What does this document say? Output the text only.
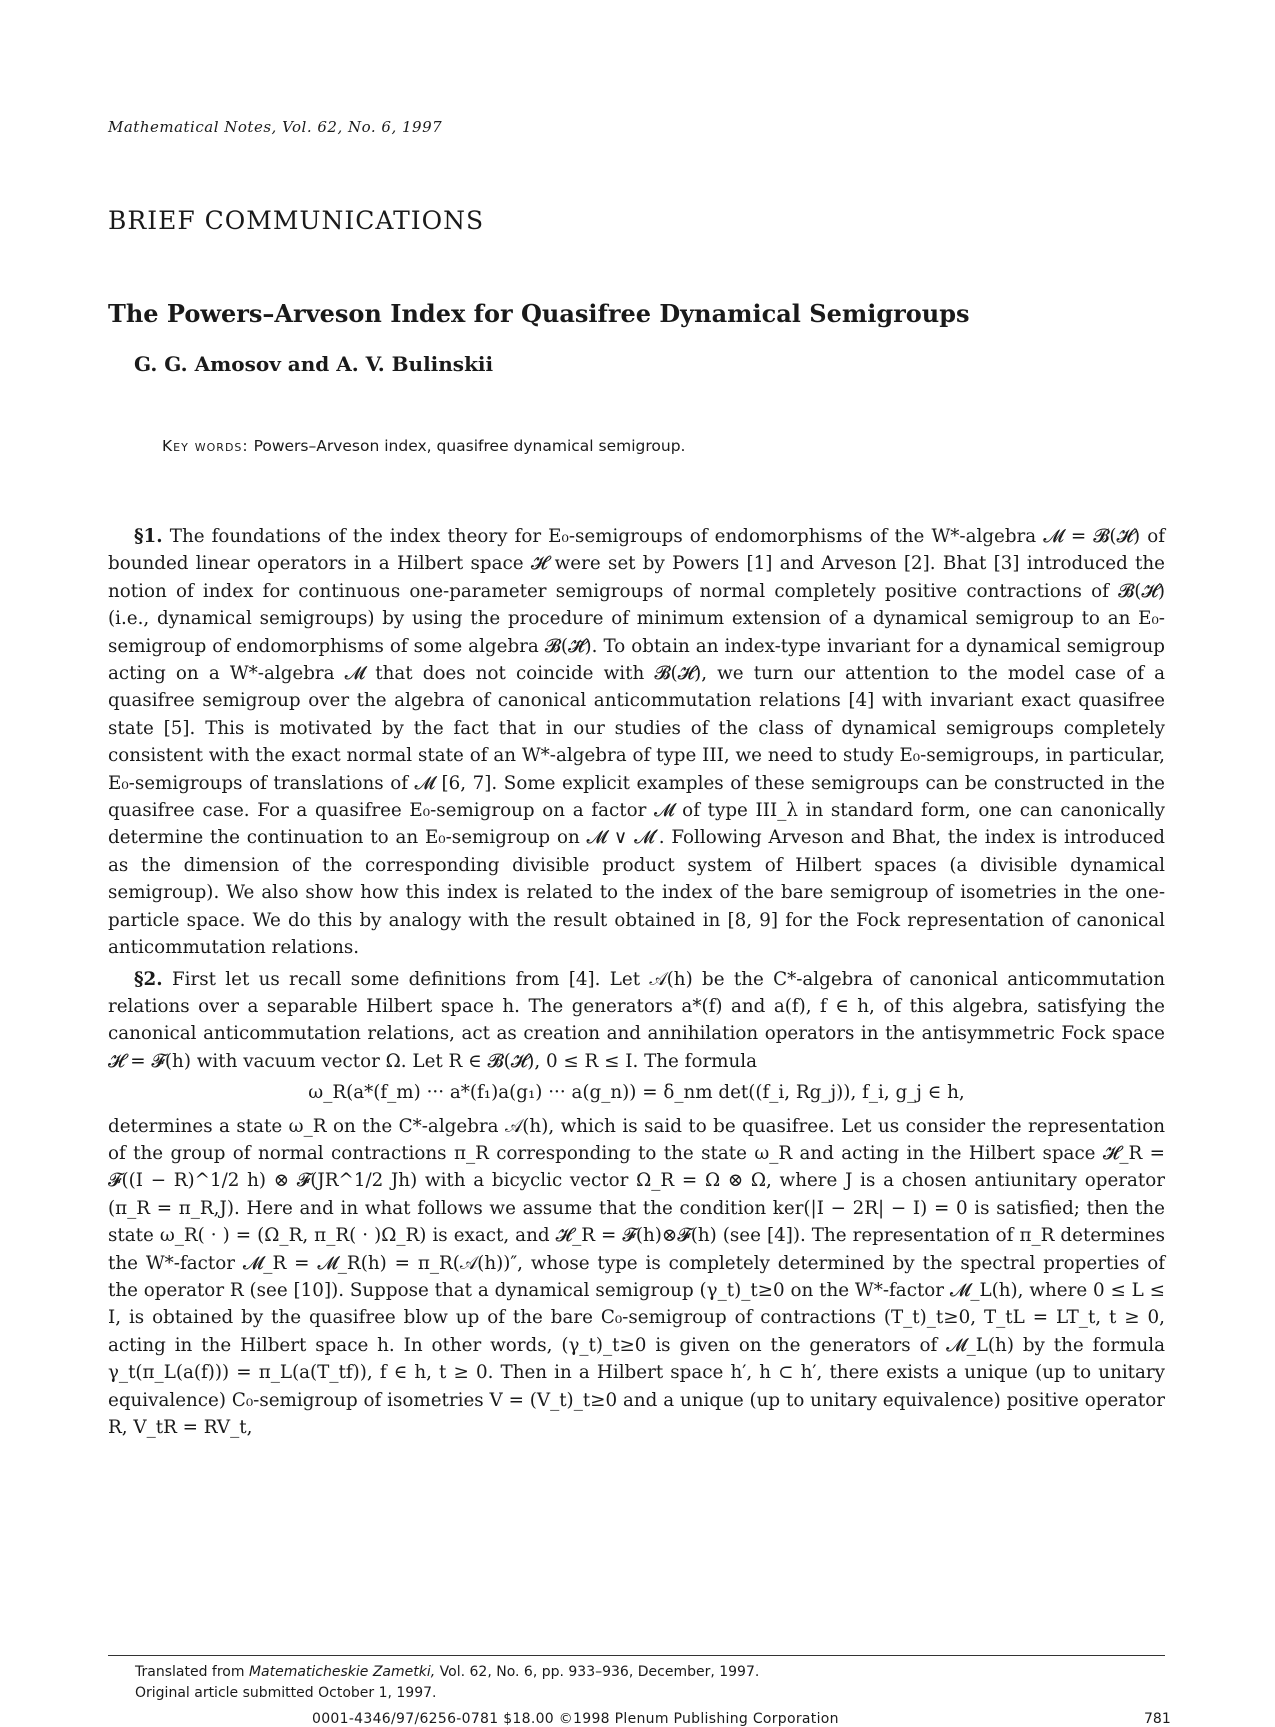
Mathematical Notes, Vol. 62, No. 6, 1997
BRIEF COMMUNICATIONS
The Powers–Arveson Index for Quasifree Dynamical Semigroups
G. G. Amosov and A. V. Bulinskii
Key words: Powers–Arveson index, quasifree dynamical semigroup.

§1. The foundations of the index theory for E₀-semigroups of endomorphisms of the W*-algebra 𝓜 = 𝓑(𝓗) of bounded linear operators in a Hilbert space 𝓗 were set by Powers [1] and Arveson [2]. Bhat [3] introduced the notion of index for continuous one-parameter semigroups of normal completely positive contractions of 𝓑(𝓗) (i.e., dynamical semigroups) by using the procedure of minimum extension of a dynamical semigroup to an E₀-semigroup of endomorphisms of some algebra 𝓑(𝓗̃). To obtain an index-type invariant for a dynamical semigroup acting on a W*-algebra 𝓜 that does not coincide with 𝓑(𝓗), we turn our attention to the model case of a quasifree semigroup over the algebra of canonical anticommutation relations [4] with invariant exact quasifree state [5]. This is motivated by the fact that in our studies of the class of dynamical semigroups completely consistent with the exact normal state of an W*-algebra of type III, we need to study E₀-semigroups, in particular, E₀-semigroups of translations of 𝓜 [6, 7]. Some explicit examples of these semigroups can be constructed in the quasifree case. For a quasifree E₀-semigroup on a factor 𝓜 of type III_λ in standard form, one can canonically determine the continuation to an E₀-semigroup on 𝓜 ∨ 𝓜′. Following Arveson and Bhat, the index is introduced as the dimension of the corresponding divisible product system of Hilbert spaces (a divisible dynamical semigroup). We also show how this index is related to the index of the bare semigroup of isometries in the one-particle space. We do this by analogy with the result obtained in [8, 9] for the Fock representation of canonical anticommutation relations.

§2. First let us recall some definitions from [4]. Let 𝒜(h) be the C*-algebra of canonical anticommutation relations over a separable Hilbert space h. The generators a*(f) and a(f), f ∈ h, of this algebra, satisfying the canonical anticommutation relations, act as creation and annihilation operators in the antisymmetric Fock space 𝓗 = 𝓕(h) with vacuum vector Ω. Let R ∈ 𝓑(𝓗), 0 ≤ R ≤ I. The formula

ω_R(a*(f_m) ··· a*(f₁)a(g₁) ··· a(g_n)) = δ_nm det((f_i, Rg_j)), f_i, g_j ∈ h,

determines a state ω_R on the C*-algebra 𝒜(h), which is said to be quasifree. Let us consider the representation of the group of normal contractions π_R corresponding to the state ω_R and acting in the Hilbert space 𝓗_R = 𝓕((I − R)^1/2 h) ⊗ 𝓕(JR^1/2 Jh) with a bicyclic vector Ω_R = Ω ⊗ Ω, where J is a chosen antiunitary operator (π_R = π_R,J). Here and in what follows we assume that the condition ker(|I − 2R| − I) = 0 is satisfied; then the state ω_R( · ) = (Ω_R, π_R( · )Ω_R) is exact, and 𝓗_R = 𝓕(h)⊗𝓕(h) (see [4]). The representation of π_R determines the W*-factor 𝓜_R = 𝓜_R(h) = π_R(𝒜(h))″, whose type is completely determined by the spectral properties of the operator R (see [10]). Suppose that a dynamical semigroup (γ_t)_t≥0 on the W*-factor 𝓜_L(h), where 0 ≤ L ≤ I, is obtained by the quasifree blow up of the bare C₀-semigroup of contractions (T_t)_t≥0, T_tL = LT_t, t ≥ 0, acting in the Hilbert space h. In other words, (γ_t)_t≥0 is given on the generators of 𝓜_L(h) by the formula γ_t(π_L(a(f))) = π_L(a(T_tf)), f ∈ h, t ≥ 0. Then in a Hilbert space h′, h ⊂ h′, there exists a unique (up to unitary equivalence) C₀-semigroup of isometries V = (V_t)_t≥0 and a unique (up to unitary equivalence) positive operator R, V_tR = RV_t,

Translated from Matematicheskie Zametki, Vol. 62, No. 6, pp. 933–936, December, 1997.
Original article submitted October 1, 1997.
0001-4346/97/6256-0781 $18.00 ©1998 Plenum Publishing Corporation	781
